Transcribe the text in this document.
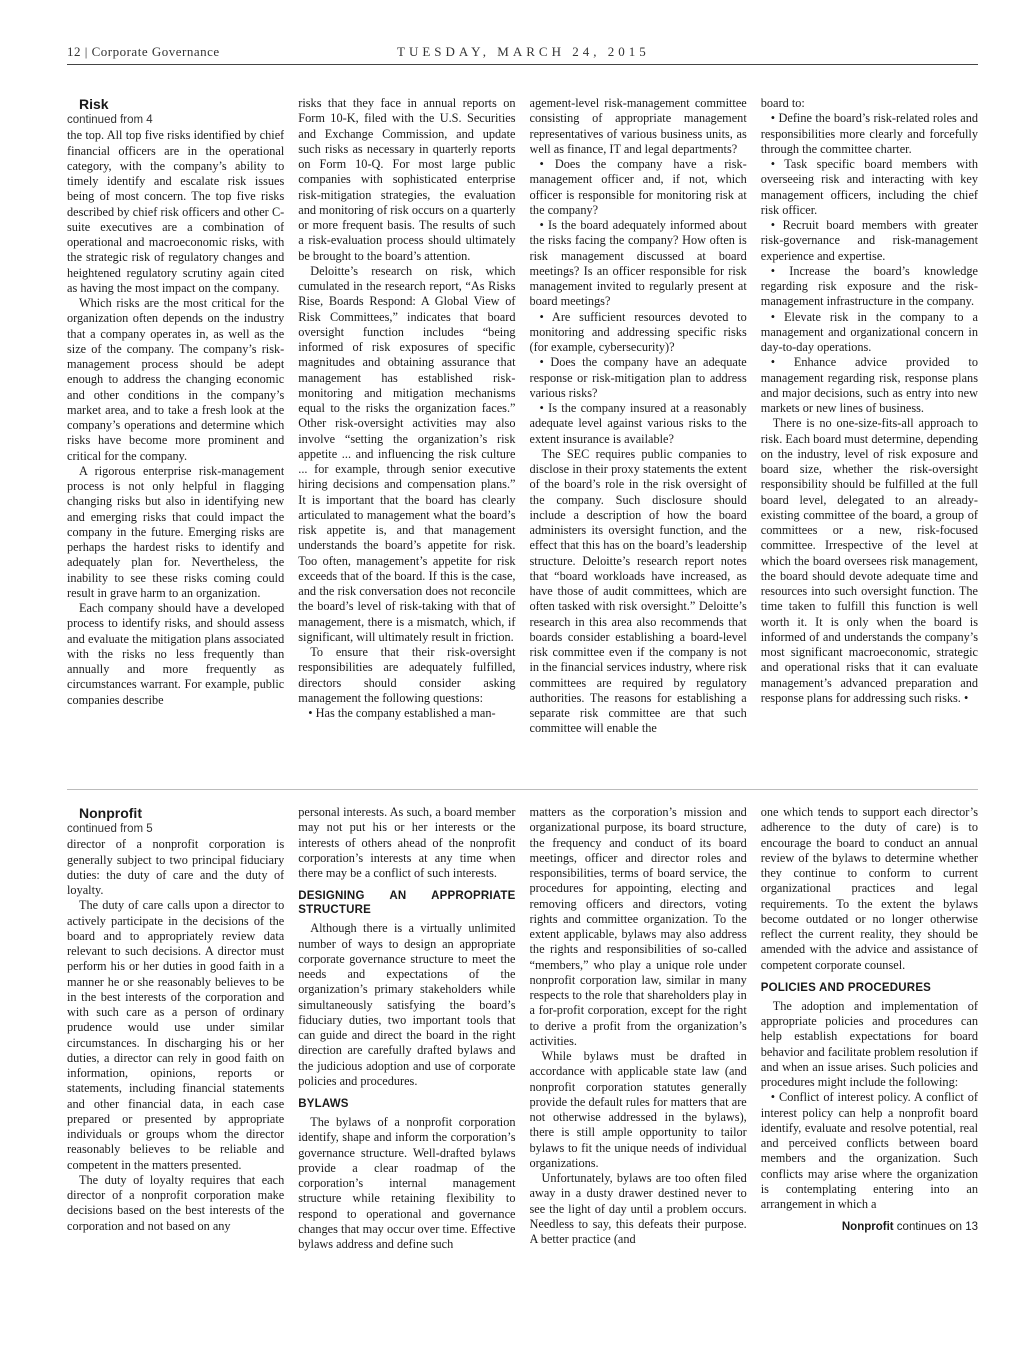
12 | Corporate Governance	TUESDAY, MARCH 24, 2015

Risk

continued from 4

the top. All top five risks identified by chief financial officers are in the operational category, with the company’s ability to timely identify and escalate risk issues being of most concern. The top five risks described by chief risk officers and other C-suite executives are a combination of operational and macroeconomic risks, with the strategic risk of regulatory changes and heightened regulatory scrutiny again cited as having the most impact on the company.

Which risks are the most critical for the organization often depends on the industry that a company operates in, as well as the size of the company. The company’s risk-management process should be adept enough to address the changing economic and other conditions in the company’s market area, and to take a fresh look at the company’s operations and determine which risks have become more prominent and critical for the company.

A rigorous enterprise risk-management process is not only helpful in flagging changing risks but also in identifying new and emerging risks that could impact the company in the future. Emerging risks are perhaps the hardest risks to identify and adequately plan for. Nevertheless, the inability to see these risks coming could result in grave harm to an organization.

Each company should have a developed process to identify risks, and should assess and evaluate the mitigation plans associated with the risks no less frequently than annually and more frequently as circumstances warrant. For example, public companies describe

risks that they face in annual reports on Form 10-K, filed with the U.S. Securities and Exchange Commission, and update such risks as necessary in quarterly reports on Form 10-Q. For most large public companies with sophisticated enterprise risk-mitigation strategies, the evaluation and monitoring of risk occurs on a quarterly or more frequent basis. The results of such a risk-evaluation process should ultimately be brought to the board’s attention.

Deloitte’s research on risk, which cumulated in the research report, “As Risks Rise, Boards Respond: A Global View of Risk Committees,” indicates that board oversight function includes “being informed of risk exposures of specific magnitudes and obtaining assurance that management has established risk-monitoring and mitigation mechanisms equal to the risks the organization faces.” Other risk-oversight activities may also involve “setting the organization’s risk appetite ... and influencing the risk culture ... for example, through senior executive hiring decisions and compensation plans.” It is important that the board has clearly articulated to management what the board’s risk appetite is, and that management understands the board’s appetite for risk. Too often, management’s appetite for risk exceeds that of the board. If this is the case, and the risk conversation does not reconcile the board’s level of risk-taking with that of management, there is a mismatch, which, if significant, will ultimately result in friction.

To ensure that their risk-oversight responsibilities are adequately fulfilled, directors should consider asking management the following questions:

• Has the company established a man-

agement-level risk-management committee consisting of appropriate management representatives of various business units, as well as finance, IT and legal departments?

• Does the company have a risk-management officer and, if not, which officer is responsible for monitoring risk at the company?

• Is the board adequately informed about the risks facing the company? How often is risk management discussed at board meetings? Is an officer responsible for risk management invited to regularly present at board meetings?

• Are sufficient resources devoted to monitoring and addressing specific risks (for example, cybersecurity)?

• Does the company have an adequate response or risk-mitigation plan to address various risks?

• Is the company insured at a reasonably adequate level against various risks to the extent insurance is available?

The SEC requires public companies to disclose in their proxy statements the extent of the board’s role in the risk oversight of the company. Such disclosure should include a description of how the board administers its oversight function, and the effect that this has on the board’s leadership structure. Deloitte’s research report notes that “board workloads have increased, as have those of audit committees, which are often tasked with risk oversight.” Deloitte’s research in this area also recommends that boards consider establishing a board-level risk committee even if the company is not in the financial services industry, where risk committees are required by regulatory authorities. The reasons for establishing a separate risk committee are that such committee will enable the

board to:

• Define the board’s risk-related roles and responsibilities more clearly and forcefully through the committee charter.

• Task specific board members with overseeing risk and interacting with key management officers, including the chief risk officer.

• Recruit board members with greater risk-governance and risk-management experience and expertise.

• Increase the board’s knowledge regarding risk exposure and the risk-management infrastructure in the company.

• Elevate risk in the company to a management and organizational concern in day-to-day operations.

• Enhance advice provided to management regarding risk, response plans and major decisions, such as entry into new markets or new lines of business.

There is no one-size-fits-all approach to risk. Each board must determine, depending on the industry, level of risk exposure and board size, whether the risk-oversight responsibility should be fulfilled at the full board level, delegated to an already-existing committee of the board, a group of committees or a new, risk-focused committee. Irrespective of the level at which the board oversees risk management, the board should devote adequate time and resources into such oversight function. The time taken to fulfill this function is well worth it. It is only when the board is informed of and understands the company’s most significant macroeconomic, strategic and operational risks that it can evaluate management’s advanced preparation and response plans for addressing such risks. •

Nonprofit

continued from 5

director of a nonprofit corporation is generally subject to two principal fiduciary duties: the duty of care and the duty of loyalty.

The duty of care calls upon a director to actively participate in the decisions of the board and to appropriately review data relevant to such decisions. A director must perform his or her duties in good faith in a manner he or she reasonably believes to be in the best interests of the corporation and with such care as a person of ordinary prudence would use under similar circumstances. In discharging his or her duties, a director can rely in good faith on information, opinions, reports or statements, including financial statements and other financial data, in each case prepared or presented by appropriate individuals or groups whom the director reasonably believes to be reliable and competent in the matters presented.

The duty of loyalty requires that each director of a nonprofit corporation make decisions based on the best interests of the corporation and not based on any

personal interests. As such, a board member may not put his or her interests or the interests of others ahead of the nonprofit corporation’s interests at any time when there may be a conflict of such interests.

DESIGNING AN APPROPRIATE STRUCTURE

Although there is a virtually unlimited number of ways to design an appropriate corporate governance structure to meet the needs and expectations of the organization’s primary stakeholders while simultaneously satisfying the board’s fiduciary duties, two important tools that can guide and direct the board in the right direction are carefully drafted bylaws and the judicious adoption and use of corporate policies and procedures.

BYLAWS

The bylaws of a nonprofit corporation identify, shape and inform the corporation’s governance structure. Well-drafted bylaws provide a clear roadmap of the corporation’s internal management structure while retaining flexibility to respond to operational and governance changes that may occur over time. Effective bylaws address and define such

matters as the corporation’s mission and organizational purpose, its board structure, the frequency and conduct of its board meetings, officer and director roles and responsibilities, terms of board service, the procedures for appointing, electing and removing officers and directors, voting rights and committee organization. To the extent applicable, bylaws may also address the rights and responsibilities of so-called “members,” who play a unique role under nonprofit corporation law, similar in many respects to the role that shareholders play in a for-profit corporation, except for the right to derive a profit from the organization’s activities.

While bylaws must be drafted in accordance with applicable state law (and nonprofit corporation statutes generally provide the default rules for matters that are not otherwise addressed in the bylaws), there is still ample opportunity to tailor bylaws to fit the unique needs of individual organizations.

Unfortunately, bylaws are too often filed away in a dusty drawer destined never to see the light of day until a problem occurs. Needless to say, this defeats their purpose. A better practice (and

one which tends to support each director’s adherence to the duty of care) is to encourage the board to conduct an annual review of the bylaws to determine whether they continue to conform to current organizational practices and legal requirements. To the extent the bylaws become outdated or no longer otherwise reflect the current reality, they should be amended with the advice and assistance of competent corporate counsel.

POLICIES AND PROCEDURES

The adoption and implementation of appropriate policies and procedures can help establish expectations for board behavior and facilitate problem resolution if and when an issue arises. Such policies and procedures might include the following:

• Conflict of interest policy. A conflict of interest policy can help a nonprofit board identify, evaluate and resolve potential, real and perceived conflicts between board members and the organization. Such conflicts may arise where the organization is contemplating entering into an arrangement in which a

Nonprofit continues on 13
